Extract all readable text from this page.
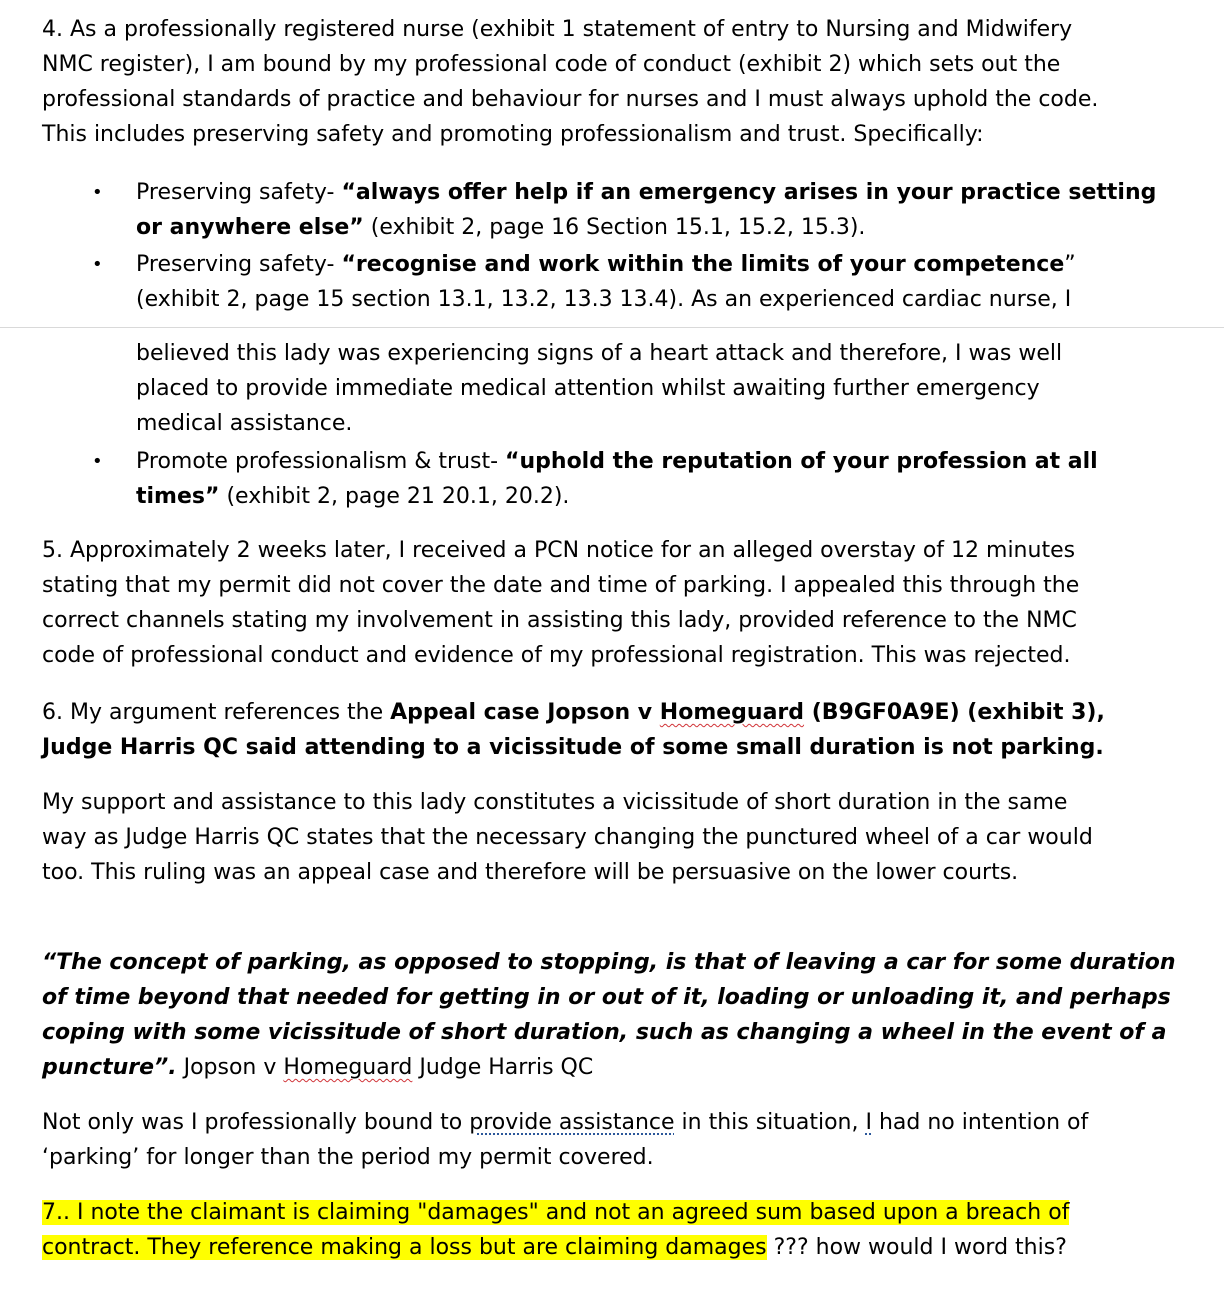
4. As a professionally registered nurse (exhibit 1 statement of entry to Nursing and Midwifery
NMC register), I am bound by my professional code of conduct (exhibit 2) which sets out the
professional standards of practice and behaviour for nurses and I must always uphold the code.
This includes preserving safety and promoting professionalism and trust. Specifically:
• Preserving safety- “always offer help if an emergency arises in your practice setting
or anywhere else” (exhibit 2, page 16 Section 15.1, 15.2, 15.3).
• Preserving safety- “recognise and work within the limits of your competence”
(exhibit 2, page 15 section 13.1, 13.2, 13.3 13.4). As an experienced cardiac nurse, I
believed this lady was experiencing signs of a heart attack and therefore, I was well
placed to provide immediate medical attention whilst awaiting further emergency
medical assistance.
• Promote professionalism & trust- “uphold the reputation of your profession at all
times” (exhibit 2, page 21 20.1, 20.2).
5. Approximately 2 weeks later, I received a PCN notice for an alleged overstay of 12 minutes
stating that my permit did not cover the date and time of parking. I appealed this through the
correct channels stating my involvement in assisting this lady, provided reference to the NMC
code of professional conduct and evidence of my professional registration. This was rejected.
6. My argument references the Appeal case Jopson v Homeguard (B9GF0A9E) (exhibit 3),
Judge Harris QC said attending to a vicissitude of some small duration is not parking.
My support and assistance to this lady constitutes a vicissitude of short duration in the same
way as Judge Harris QC states that the necessary changing the punctured wheel of a car would
too. This ruling was an appeal case and therefore will be persuasive on the lower courts.
“The concept of parking, as opposed to stopping, is that of leaving a car for some duration
of time beyond that needed for getting in or out of it, loading or unloading it, and perhaps
coping with some vicissitude of short duration, such as changing a wheel in the event of a
puncture”. Jopson v Homeguard Judge Harris QC
Not only was I professionally bound to provide assistance in this situation, I had no intention of
‘parking’ for longer than the period my permit covered.
7.. I note the claimant is claiming "damages" and not an agreed sum based upon a breach of
contract. They reference making a loss but are claiming damages ??? how would I word this?
